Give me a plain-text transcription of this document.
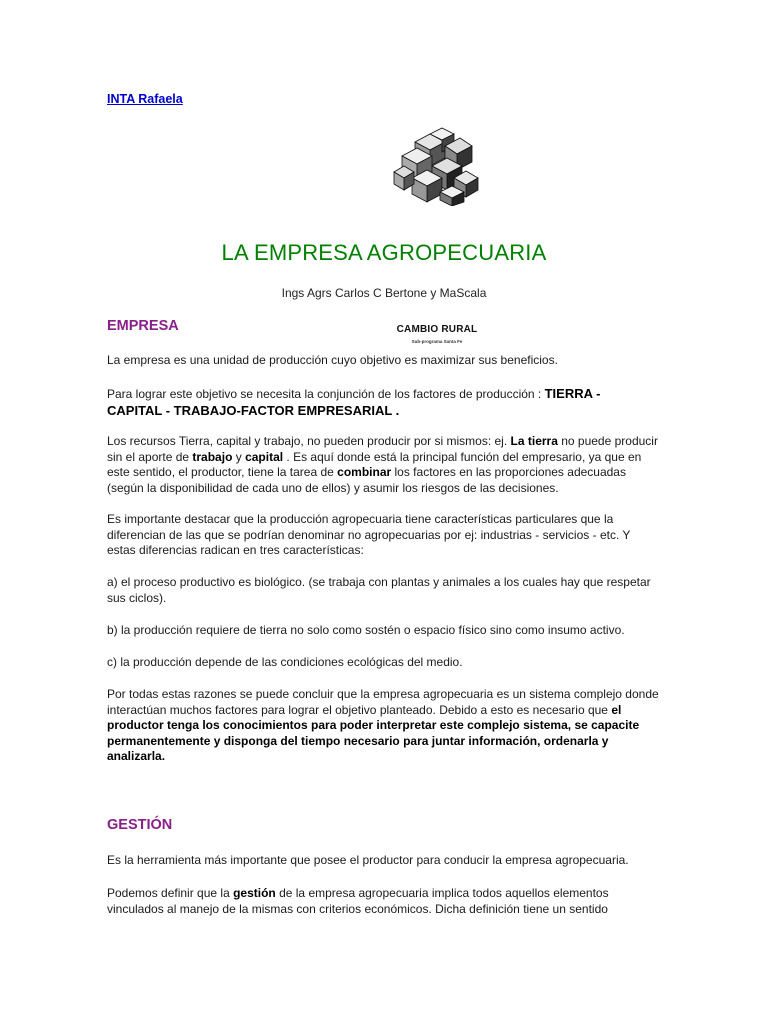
INTA Rafaela
CAMBIO RURAL
Sub-programa Santa Fe
LA EMPRESA AGROPECUARIA
Ings Agrs Carlos C Bertone y MaScala
EMPRESA

La empresa es una unidad de producción cuyo objetivo es maximizar sus beneficios.

Para lograr este objetivo se necesita la conjunción de los factores de producción : TIERRA - CAPITAL - TRABAJO-FACTOR EMPRESARIAL .

Los recursos Tierra, capital y trabajo, no pueden producir por si mismos: ej. La tierra no puede producir sin el aporte de trabajo y capital . Es aquí donde está la principal función del empresario, ya que en este sentido, el productor, tiene la tarea de combinar los factores en las proporciones adecuadas (según la disponibilidad de cada uno de ellos) y asumir los riesgos de las decisiones.

Es importante destacar que la producción agropecuaria tiene características particulares que la diferencian de las que se podrían denominar no agropecuarias por ej: industrias - servicios - etc. Y estas diferencias radican en tres características:

a) el proceso productivo es biológico. (se trabaja con plantas y animales a los cuales hay que respetar sus ciclos).

b) la producción requiere de tierra no solo como sostén o espacio físico sino como insumo activo.

c) la producción depende de las condiciones ecológicas del medio.

Por todas estas razones se puede concluir que la empresa agropecuaria es un sistema complejo donde interactúan muchos factores para lograr el objetivo planteado. Debido a esto es necesario que el productor tenga los conocimientos para poder interpretar este complejo sistema, se capacite permanentemente y disponga del tiempo necesario para juntar información, ordenarla y analizarla.

GESTIÓN

Es la herramienta más importante que posee el productor para conducir la empresa agropecuaria.

Podemos definir que la gestión de la empresa agropecuaria implica todos aquellos elementos vinculados al manejo de la mismas con criterios económicos. Dicha definición tiene un sentido
